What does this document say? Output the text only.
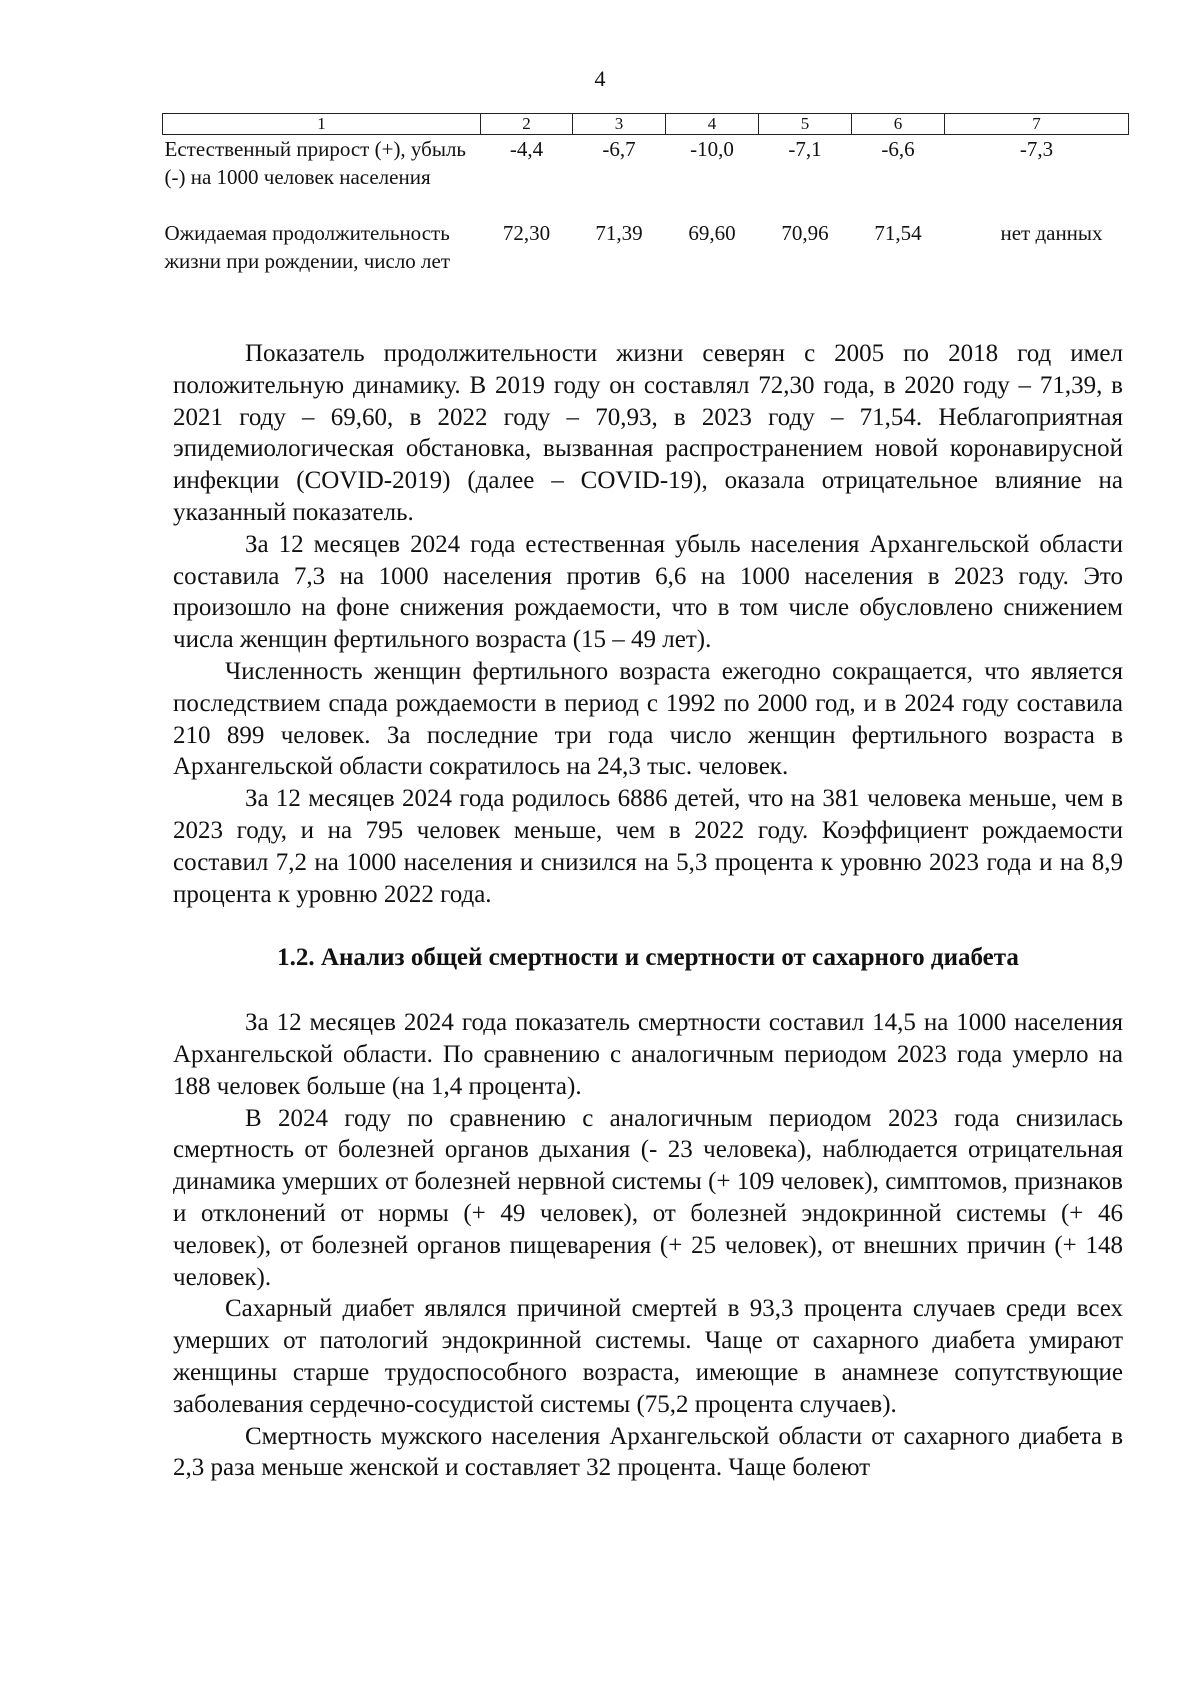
4
1	2	3	4	5	6	7
Естественный прирост (+), убыль (-) на 1000 человек населения	-4,4	-6,7	-10,0	-7,1	-6,6	-7,3

Ожидаемая продолжительность жизни при рождении, число лет	72,30	71,39	69,60	70,96	71,54	нет данных

Показатель продолжительности жизни северян с 2005 по 2018 год имел положительную динамику. В 2019 году он составлял 72,30 года, в 2020 году – 71,39, в 2021 году – 69,60, в 2022 году – 70,93, в 2023 году – 71,54. Неблагоприятная эпидемиологическая обстановка, вызванная распространением новой коронавирусной инфекции (COVID-2019) (далее – COVID-19), оказала отрицательное влияние на указанный показатель.

За 12 месяцев 2024 года естественная убыль населения Архангельской области составила 7,3 на 1000 населения против 6,6 на 1000 населения в 2023 году. Это произошло на фоне снижения рождаемости, что в том числе обусловлено снижением числа женщин фертильного возраста (15 – 49 лет).

Численность женщин фертильного возраста ежегодно сокращается, что является последствием спада рождаемости в период с 1992 по 2000 год, и в 2024 году составила 210 899 человек. За последние три года число женщин фертильного возраста в Архангельской области сократилось на 24,3 тыс. человек.

За 12 месяцев 2024 года родилось 6886 детей, что на 381 человека меньше, чем в 2023 году, и на 795 человек меньше, чем в 2022 году. Коэффициент рождаемости составил 7,2 на 1000 населения и снизился на 5,3 процента к уровню 2023 года и на 8,9 процента к уровню 2022 года.

1.2. Анализ общей смертности и смертности от сахарного диабета

За 12 месяцев 2024 года показатель смертности составил 14,5 на 1000 населения Архангельской области. По сравнению с аналогичным периодом 2023 года умерло на 188 человек больше (на 1,4 процента).

В 2024 году по сравнению с аналогичным периодом 2023 года снизилась смертность от болезней органов дыхания (- 23 человека), наблюдается отрицательная динамика умерших от болезней нервной системы (+ 109 человек), симптомов, признаков и отклонений от нормы (+ 49 человек), от болезней эндокринной системы (+ 46 человек), от болезней органов пищеварения (+ 25 человек), от внешних причин (+ 148 человек).

Сахарный диабет являлся причиной смертей в 93,3 процента случаев среди всех умерших от патологий эндокринной системы. Чаще от сахарного диабета умирают женщины старше трудоспособного возраста, имеющие в анамнезе сопутствующие заболевания сердечно-сосудистой системы (75,2 процента случаев).

Смертность мужского населения Архангельской области от сахарного диабета в 2,3 раза меньше женской и составляет 32 процента. Чаще болеют
